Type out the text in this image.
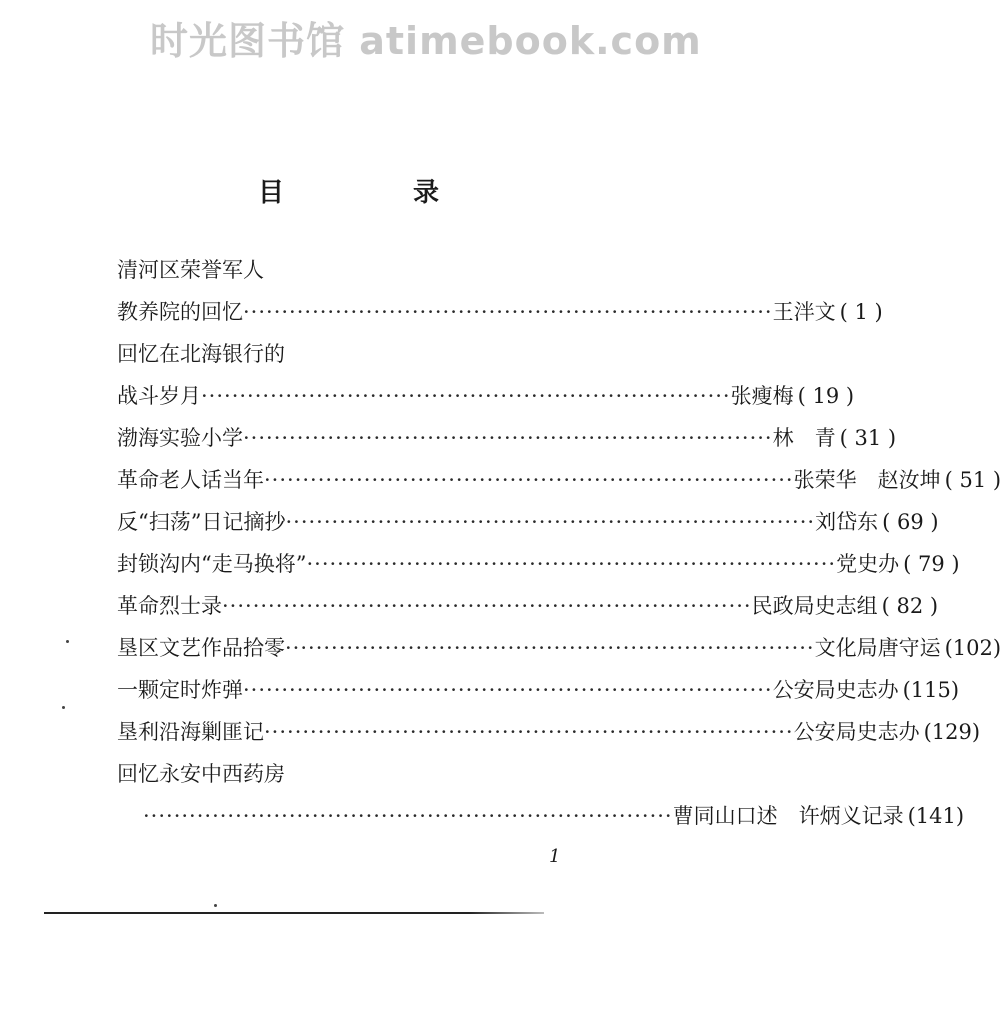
时光图书馆 atimebook.com
目 录
清河区荣誉军人
教养院的回忆 ····································································· 王泮文 ( 1 )
回忆在北海银行的
战斗岁月 ····································································· 张瘦梅 ( 19 )
渤海实验小学 ····································································· 林　青 ( 31 )
革命老人话当年 ····································································· 张荣华　赵汝坤 ( 51 )
反“扫荡”日记摘抄 ····································································· 刘岱东 ( 69 )
封锁沟内“走马换将” ····································································· 党史办 ( 79 )
革命烈士录 ····································································· 民政局史志组 ( 82 )
垦区文艺作品拾零 ····································································· 文化局唐守运 (102)
一颗定时炸弹 ····································································· 公安局史志办 (115)
垦利沿海剿匪记 ····································································· 公安局史志办 (129)
回忆永安中西药房
····································································· 曹同山口述　许炳义记录 (141)
1
